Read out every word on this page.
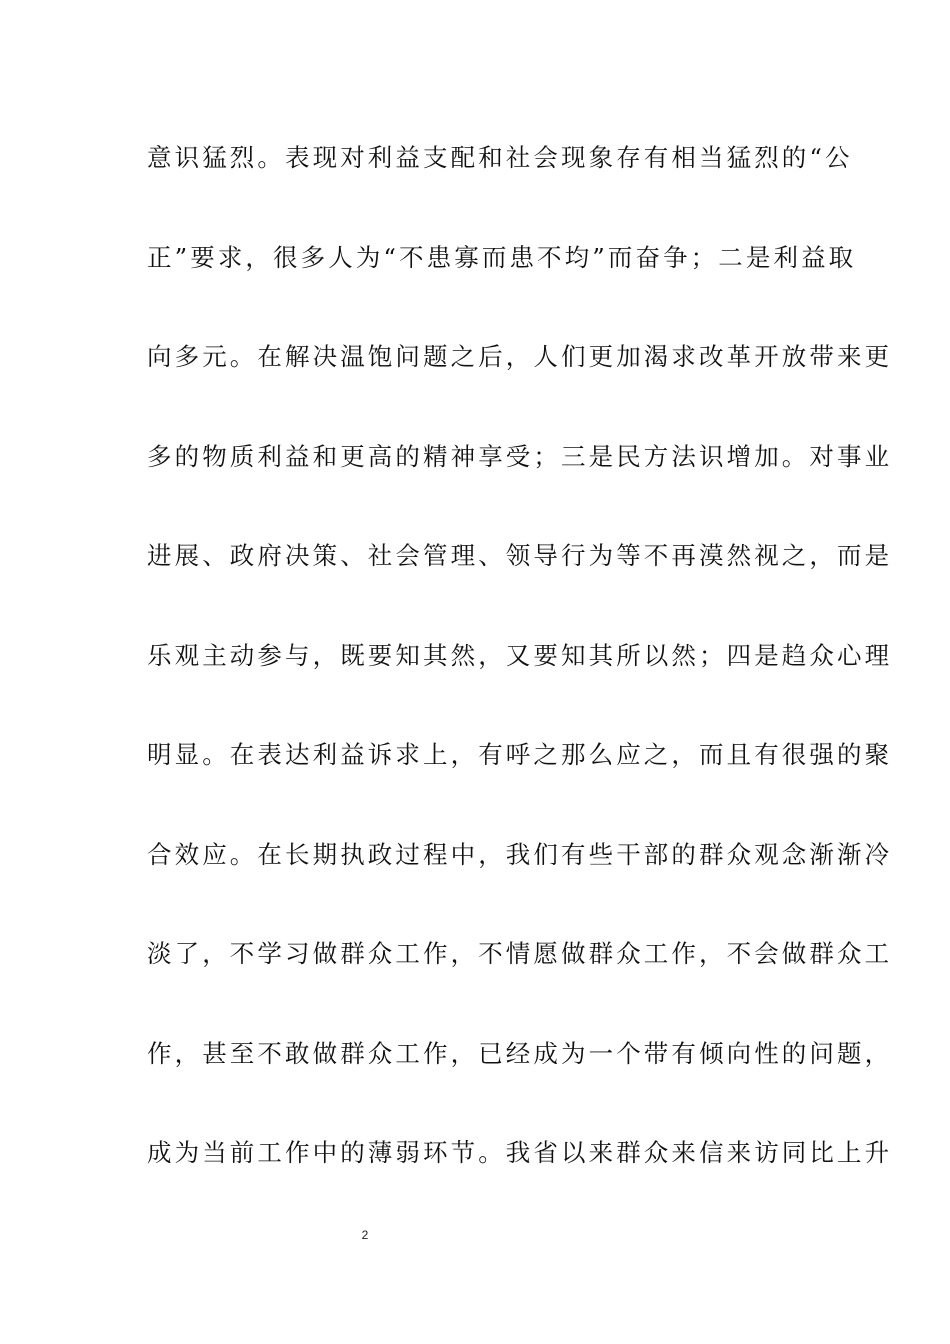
意识猛烈。表现对利益支配和社会现象存有相当猛烈的“公
正”要求，很多人为“不患寡而患不均”而奋争；二是利益取
向多元。在解决温饱问题之后，人们更加渴求改革开放带来更
多的物质利益和更高的精神享受；三是民方法识增加。对事业
进展、政府决策、社会管理、领导行为等不再漠然视之，而是
乐观主动参与，既要知其然，又要知其所以然；四是趋众心理
明显。在表达利益诉求上，有呼之那么应之，而且有很强的聚
合效应。在长期执政过程中，我们有些干部的群众观念渐渐冷
淡了，不学习做群众工作，不情愿做群众工作，不会做群众工
作，甚至不敢做群众工作，已经成为一个带有倾向性的问题，
成为当前工作中的薄弱环节。我省以来群众来信来访同比上升
2
